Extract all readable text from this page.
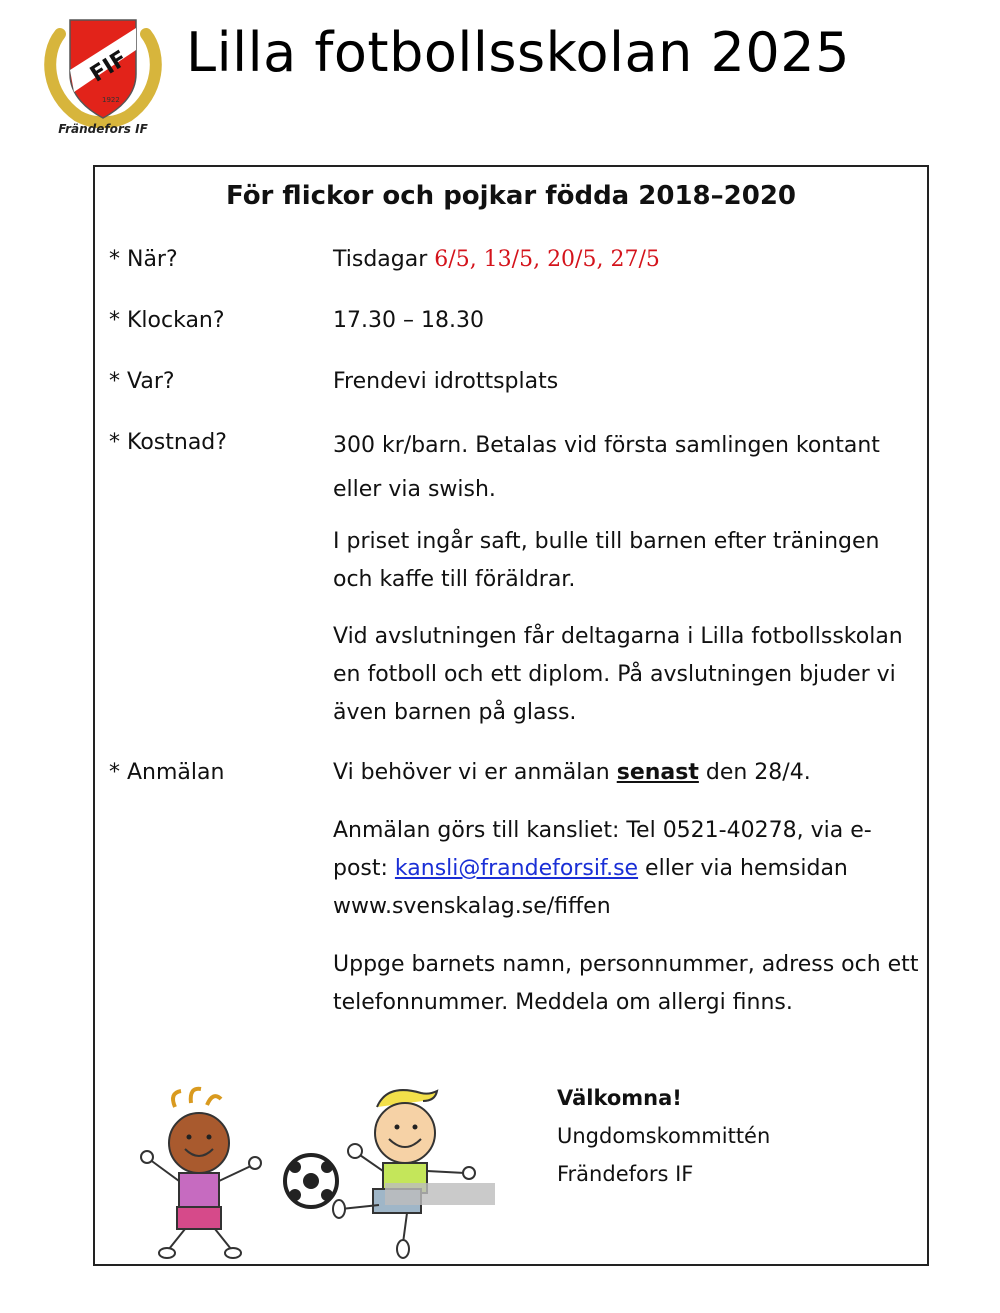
FIF
1922
Frändefors IF
Lilla fotbollsskolan 2025
För flickor och pojkar födda 2018–2020
* När?	Tisdagar 6/5, 13/5, 20/5, 27/5
* Klockan?	17.30 – 18.30
* Var?	Frendevi idrottsplats
* Kostnad?	300 kr/barn. Betalas vid första samlingen kontant eller via swish.
I priset ingår saft, bulle till barnen efter träningen och kaffe till föräldrar.
Vid avslutningen får deltagarna i Lilla fotbollsskolan en fotboll och ett diplom. På avslutningen bjuder vi även barnen på glass.
* Anmälan	Vi behöver vi er anmälan senast den 28/4.
Anmälan görs till kansliet: Tel 0521-40278, via e-post: kansli@frandeforsif.se eller via hemsidan www.svenskalag.se/fiffen
Uppge barnets namn, personnummer, adress och ett telefonnummer. Meddela om allergi finns.
Välkomna!
Ungdomskommittén
Frändefors IF
